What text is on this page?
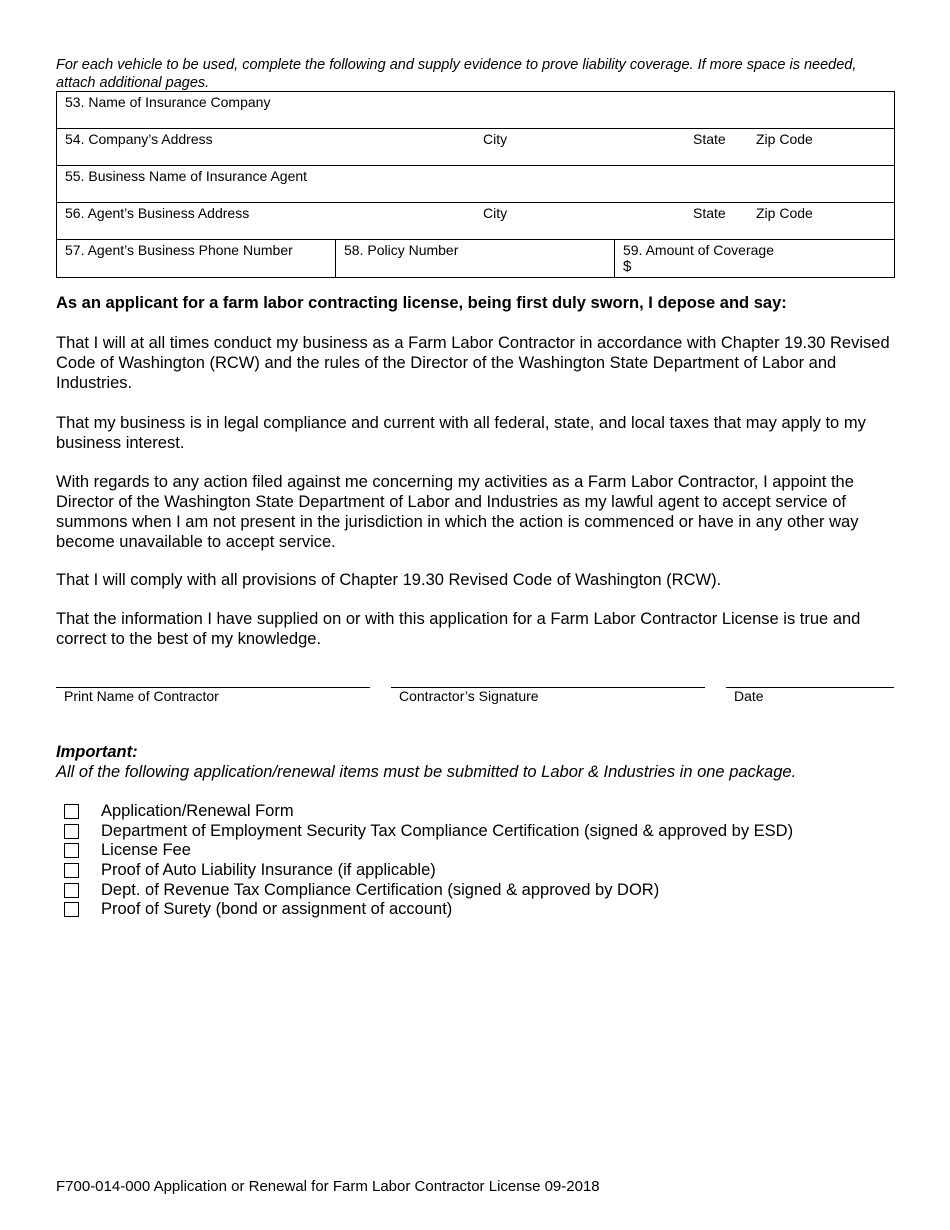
For each vehicle to be used, complete the following and supply evidence to prove liability coverage. If more space is needed, attach additional pages.
53. Name of Insurance Company

54. Company’s Address	City	State Zip Code

55. Business Name of Insurance Agent

56. Agent’s Business Address	City	State Zip Code

57. Agent’s Business Phone Number	58. Policy Number	59. Amount of Coverage
$
As an applicant for a farm labor contracting license, being first duly sworn, I depose and say:
That I will at all times conduct my business as a Farm Labor Contractor in accordance with Chapter 19.30 Revised Code of Washington (RCW) and the rules of the Director of the Washington State Department of Labor and Industries.
That my business is in legal compliance and current with all federal, state, and local taxes that may apply to my business interest.
With regards to any action filed against me concerning my activities as a Farm Labor Contractor, I appoint the Director of the Washington State Department of Labor and Industries as my lawful agent to accept service of summons when I am not present in the jurisdiction in which the action is commenced or have in any other way become unavailable to accept service.
That I will comply with all provisions of Chapter 19.30 Revised Code of Washington (RCW).
That the information I have supplied on or with this application for a Farm Labor Contractor License is true and correct to the best of my knowledge.
Print Name of Contractor	Contractor’s Signature	Date
Important:
All of the following application/renewal items must be submitted to Labor & Industries in one package.
Application/Renewal Form
Department of Employment Security Tax Compliance Certification (signed & approved by ESD)
License Fee
Proof of Auto Liability Insurance (if applicable)
Dept. of Revenue Tax Compliance Certification (signed & approved by DOR)
Proof of Surety (bond or assignment of account)
F700-014-000 Application or Renewal for Farm Labor Contractor License 09-2018
